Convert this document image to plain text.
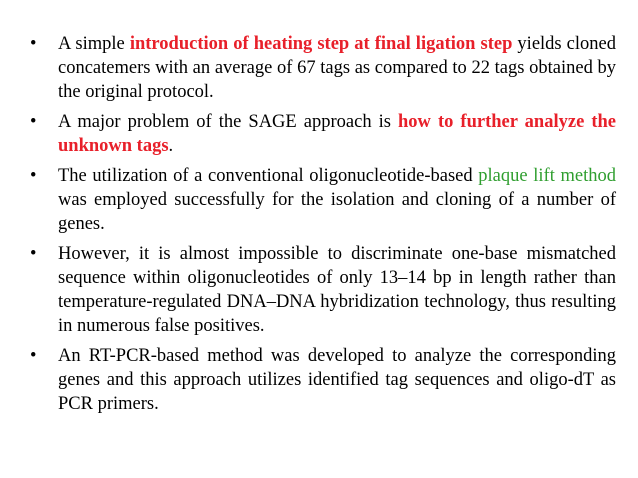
• A simple introduction of heating step at final ligation step yields cloned concatemers with an average of 67 tags as compared to 22 tags obtained by the original protocol.
• A major problem of the SAGE approach is how to further analyze the unknown tags.
• The utilization of a conventional oligonucleotide-based plaque lift method was employed successfully for the isolation and cloning of a number of genes.
• However, it is almost impossible to discriminate one-base mismatched sequence within oligonucleotides of only 13–14 bp in length rather than temperature-regulated DNA–DNA hybridization technology, thus resulting in numerous false positives.
• An RT-PCR-based method was developed to analyze the corresponding genes and this approach utilizes identified tag sequences and oligo-dT as PCR primers.
